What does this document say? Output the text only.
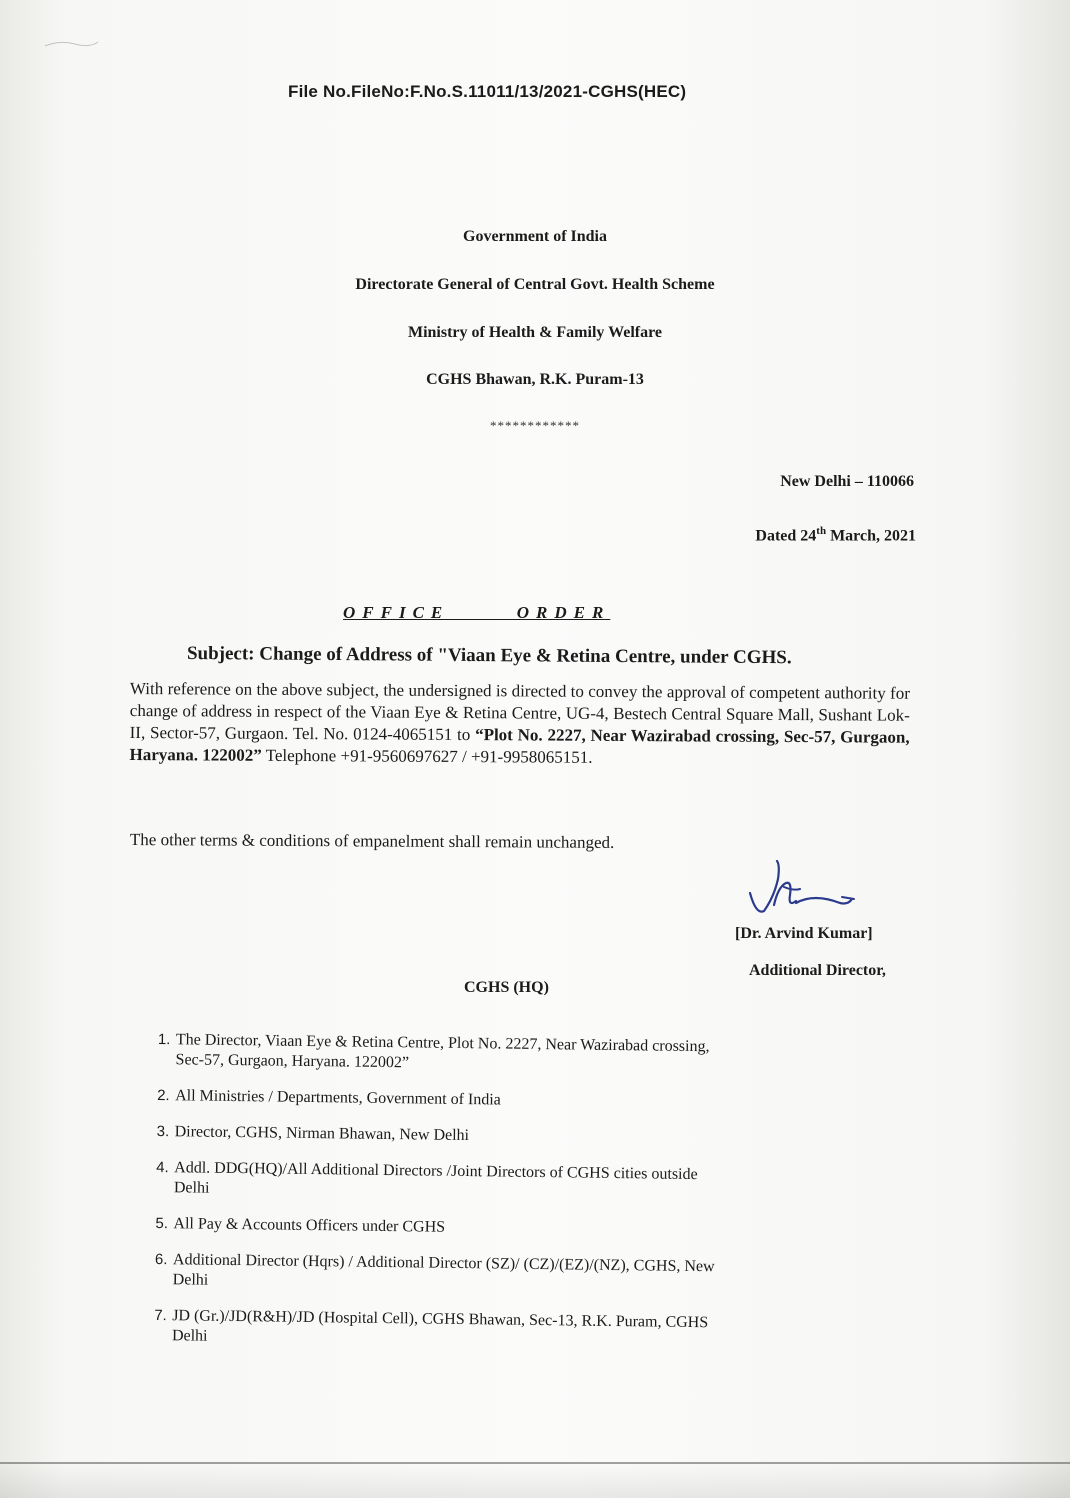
File No.FileNo:F.No.S.11011/13/2021-CGHS(HEC)
Government of India
Directorate General of Central Govt. Health Scheme
Ministry of Health & Family Welfare
CGHS Bhawan, R.K. Puram-13
************
New Delhi – 110066
Dated 24th March, 2021
OFFICE      ORDER
Subject: Change of Address of "Viaan Eye & Retina Centre, under CGHS.
With reference on the above subject, the undersigned is directed to convey the approval of competent authority for change of address in respect of the Viaan Eye & Retina Centre, UG-4, Bestech Central Square Mall, Sushant Lok-II, Sector-57, Gurgaon. Tel. No. 0124-4065151 to “Plot No. 2227, Near Wazirabad crossing, Sec-57, Gurgaon, Haryana. 122002” Telephone +91-9560697627 / +91-9958065151.
The other terms & conditions of empanelment shall remain unchanged.
[Dr. Arvind Kumar]
Additional Director,
CGHS (HQ)
1. The Director, Viaan Eye & Retina Centre, Plot No. 2227, Near Wazirabad crossing,
Sec-57, Gurgaon, Haryana. 122002”
2. All Ministries / Departments, Government of India
3. Director, CGHS, Nirman Bhawan, New Delhi
4. Addl. DDG(HQ)/All Additional Directors /Joint Directors of CGHS cities outside
Delhi
5. All Pay & Accounts Officers under CGHS
6. Additional Director (Hqrs) / Additional Director (SZ)/ (CZ)/(EZ)/(NZ), CGHS, New
Delhi
7. JD (Gr.)/JD(R&H)/JD (Hospital Cell), CGHS Bhawan, Sec-13, R.K. Puram, CGHS
Delhi
